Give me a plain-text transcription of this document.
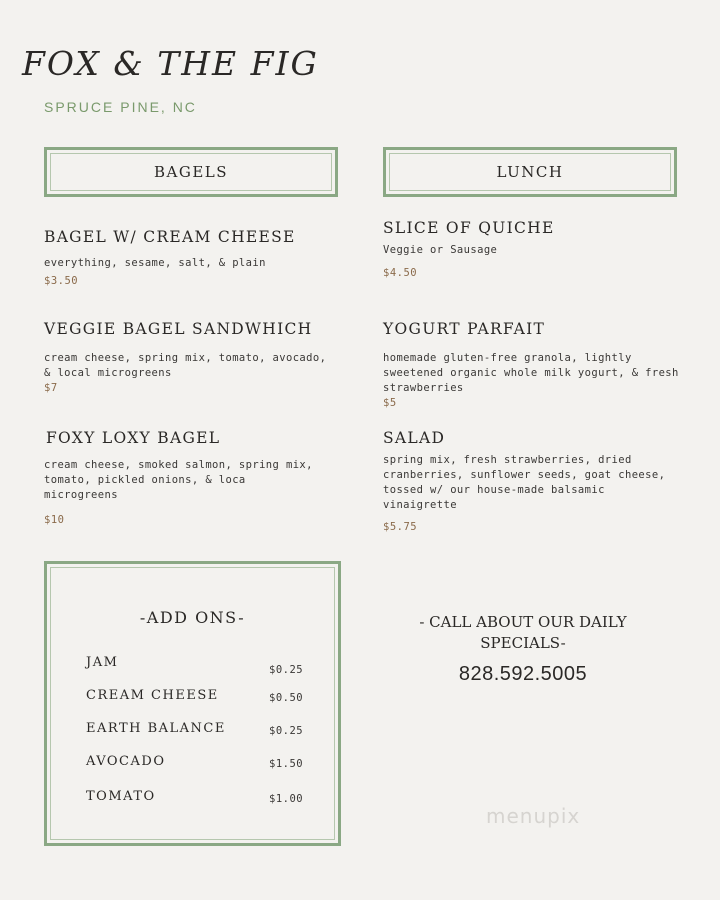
FOX & THE FIG
SPRUCE PINE, NC
BAGELS	LUNCH
BAGEL W/ CREAM CHEESE
everything, sesame, salt, & plain
$3.50
VEGGIE BAGEL SANDWHICH
cream cheese, spring mix, tomato, avocado, & local microgreens
$7
FOXY LOXY BAGEL
cream cheese, smoked salmon, spring mix, tomato, pickled onions, & loca microgreens
$10
SLICE OF QUICHE
Veggie or Sausage
$4.50
YOGURT PARFAIT
homemade gluten-free granola, lightly sweetened organic whole milk yogurt, & fresh strawberries
$5
SALAD
spring mix, fresh strawberries, dried cranberries, sunflower seeds, goat cheese, tossed w/ our house-made balsamic vinaigrette
$5.75
-ADD ONS-
JAM	$0.25
CREAM CHEESE	$0.50
EARTH BALANCE	$0.25
AVOCADO	$1.50
TOMATO	$1.00
- CALL ABOUT OUR DAILY SPECIALS-
828.592.5005
menupix
